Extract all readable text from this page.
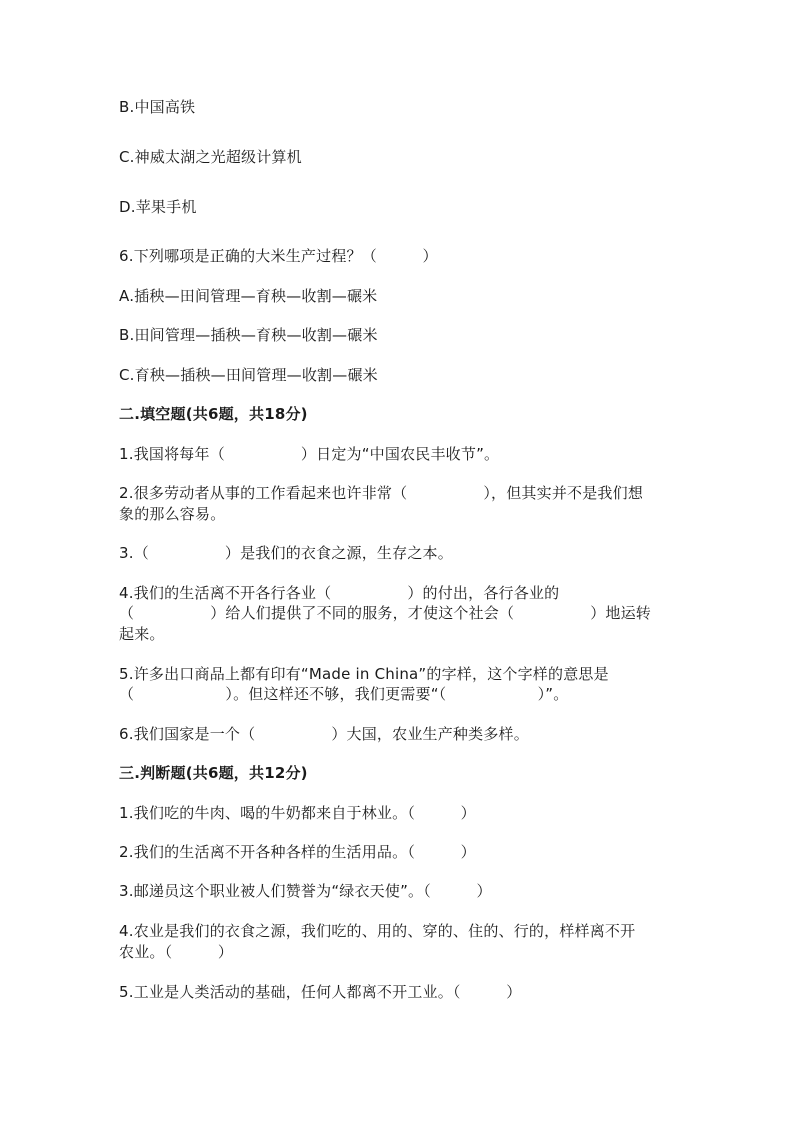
B.中国高铁
C.神威太湖之光超级计算机
D.苹果手机
6.下列哪项是正确的大米生产过程？（　　　）
A.插秧—田间管理—育秧—收割—碾米
B.田间管理—插秧—育秧—收割—碾米
C.育秧—插秧—田间管理—收割—碾米
二.填空题(共6题，共18分)
1.我国将每年（　　　　　）日定为“中国农民丰收节”。
2.很多劳动者从事的工作看起来也许非常（　　　　　），但其实并不是我们想
象的那么容易。
3.（　　　　　）是我们的衣食之源，生存之本。
4.我们的生活离不开各行各业（　　　　　）的付出，各行各业的
（　　　　　）给人们提供了不同的服务，才使这个社会（　　　　　）地运转
起来。
5.许多出口商品上都有印有“Made in China”的字样，这个字样的意思是
（　　　　　　）。但这样还不够，我们更需要“（　　　　　　）”。
6.我们国家是一个（　　　　　）大国，农业生产种类多样。
三.判断题(共6题，共12分)
1.我们吃的牛肉、喝的牛奶都来自于林业。（　　　）
2.我们的生活离不开各种各样的生活用品。（　　　）
3.邮递员这个职业被人们赞誉为“绿衣天使”。（　　　）
4.农业是我们的衣食之源，我们吃的、用的、穿的、住的、行的，样样离不开
农业。（　　　）
5.工业是人类活动的基础，任何人都离不开工业。（　　　）
